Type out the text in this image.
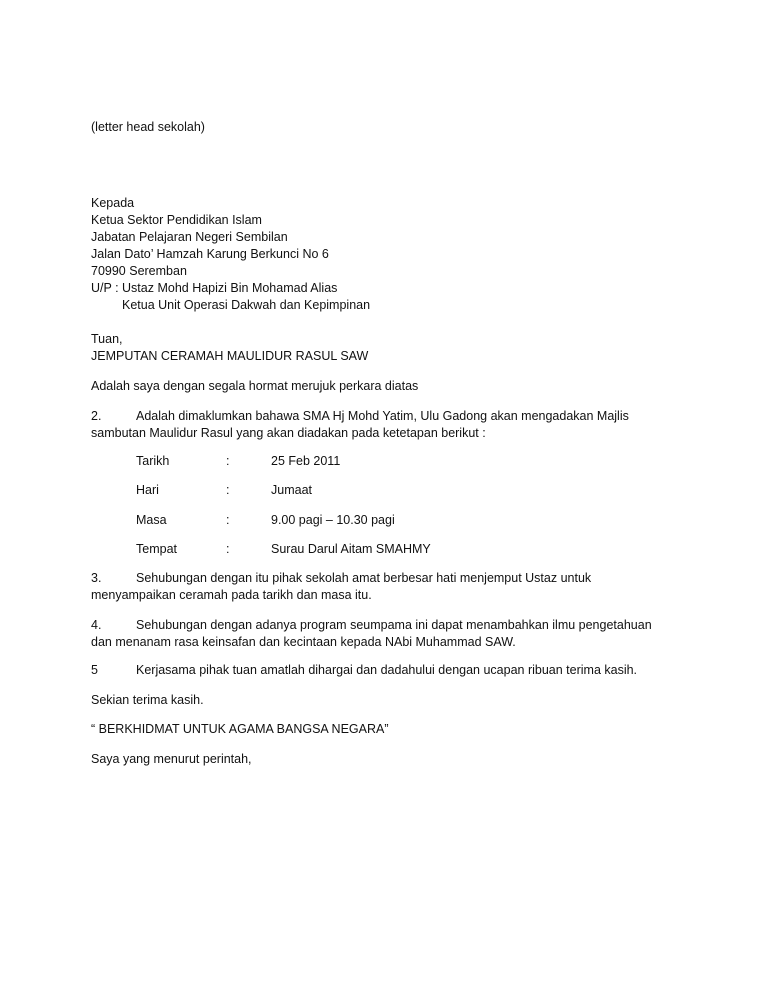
(letter head sekolah)
Kepada
Ketua Sektor Pendidikan Islam
Jabatan Pelajaran Negeri Sembilan
Jalan Dato’ Hamzah Karung Berkunci No 6
70990 Seremban
U/P : Ustaz Mohd Hapizi Bin Mohamad Alias
Ketua Unit Operasi Dakwah dan Kepimpinan
Tuan,
JEMPUTAN CERAMAH MAULIDUR RASUL SAW
Adalah saya dengan segala hormat merujuk perkara diatas
2.	Adalah dimaklumkan bahawa SMA Hj Mohd Yatim, Ulu Gadong akan mengadakan Majlis
sambutan Maulidur Rasul yang akan diadakan pada ketetapan berikut :
Tarikh	:	25 Feb 2011
Hari	:	Jumaat
Masa	:	9.00 pagi – 10.30 pagi
Tempat	:	Surau Darul Aitam SMAHMY
3.	Sehubungan dengan itu pihak sekolah amat berbesar hati menjemput Ustaz untuk
menyampaikan ceramah pada tarikh dan masa itu.
4.	Sehubungan dengan adanya program seumpama ini dapat menambahkan ilmu pengetahuan
dan menanam rasa keinsafan dan kecintaan kepada NAbi Muhammad SAW.
5	Kerjasama pihak tuan amatlah dihargai dan dadahului dengan ucapan ribuan terima kasih.
Sekian terima kasih.
“ BERKHIDMAT UNTUK AGAMA BANGSA NEGARA”
Saya yang menurut perintah,
